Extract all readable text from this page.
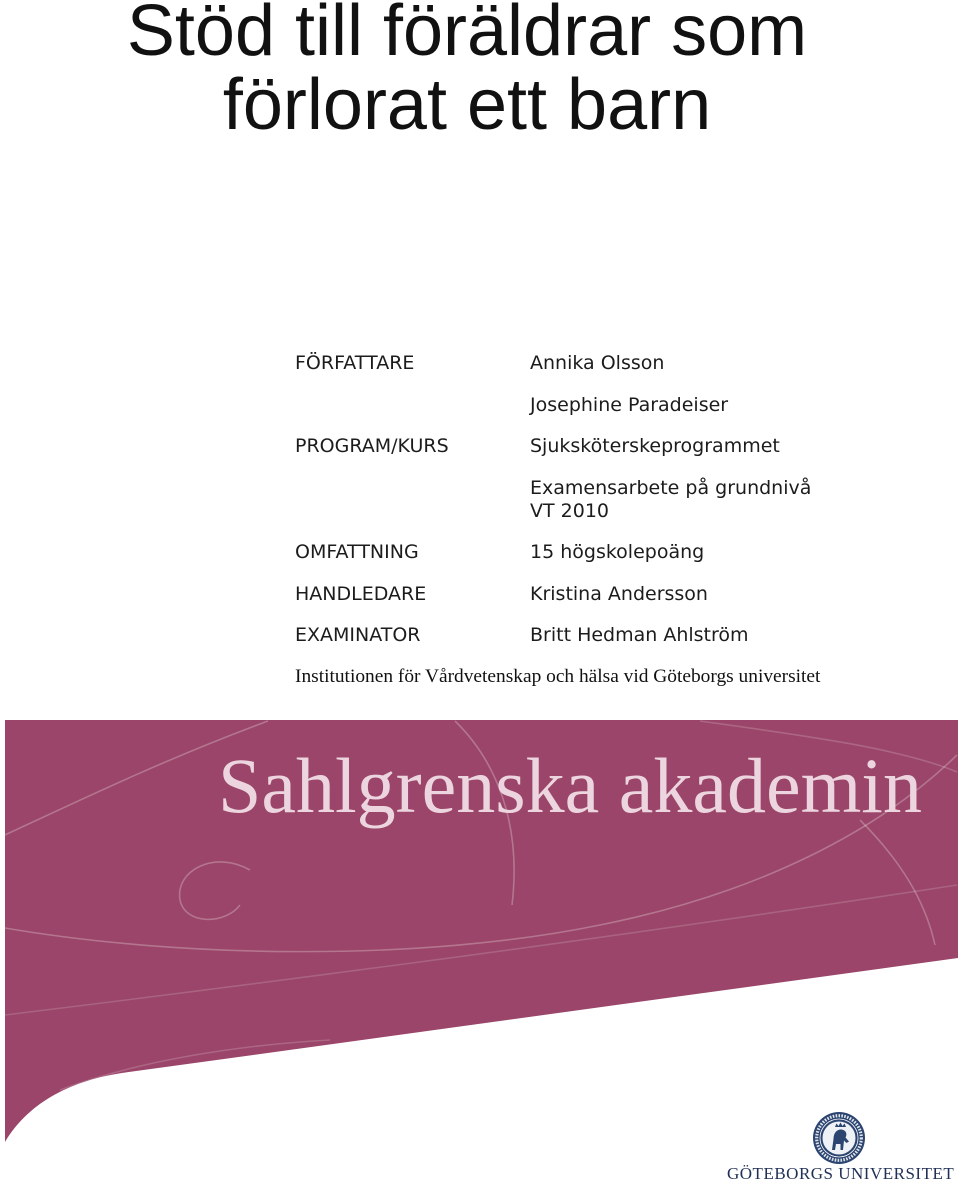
Stöd till föräldrar som
förlorat ett barn
FÖRFATTARE	Annika Olsson
Josephine Paradeiser
PROGRAM/KURS	Sjuksköterskeprogrammet
Examensarbete på grundnivå
VT 2010
OMFATTNING	15 högskolepoäng
HANDLEDARE	Kristina Andersson
EXAMINATOR	Britt Hedman Ahlström
Institutionen för Vårdvetenskap och hälsa vid Göteborgs universitet
Sahlgrenska akademin
GÖTEBORGS UNIVERSITET
